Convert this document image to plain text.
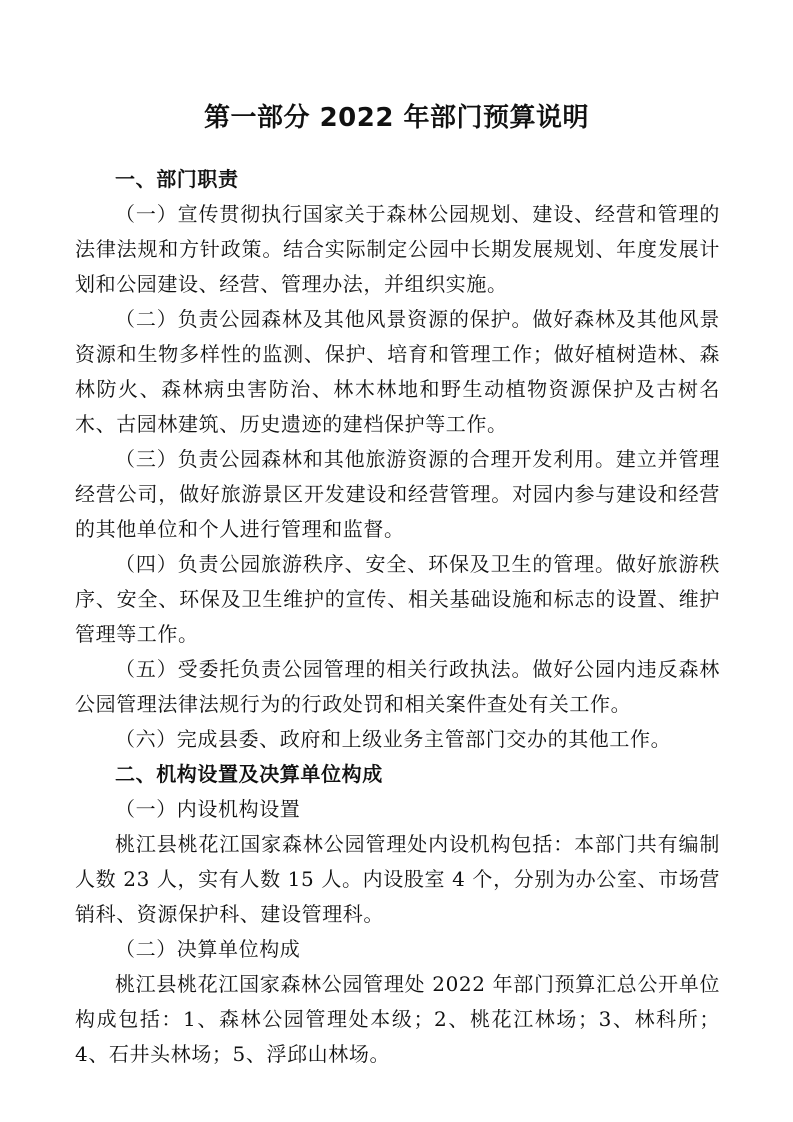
第一部分 2022 年部门预算说明

一、部门职责

（一）宣传贯彻执行国家关于森林公园规划、建设、经营和管理的法律法规和方针政策。结合实际制定公园中长期发展规划、年度发展计划和公园建设、经营、管理办法，并组织实施。

（二）负责公园森林及其他风景资源的保护。做好森林及其他风景资源和生物多样性的监测、保护、培育和管理工作；做好植树造林、森林防火、森林病虫害防治、林木林地和野生动植物资源保护及古树名木、古园林建筑、历史遗迹的建档保护等工作。

（三）负责公园森林和其他旅游资源的合理开发利用。建立并管理经营公司，做好旅游景区开发建设和经营管理。对园内参与建设和经营的其他单位和个人进行管理和监督。

（四）负责公园旅游秩序、安全、环保及卫生的管理。做好旅游秩序、安全、环保及卫生维护的宣传、相关基础设施和标志的设置、维护管理等工作。

（五）受委托负责公园管理的相关行政执法。做好公园内违反森林公园管理法律法规行为的行政处罚和相关案件查处有关工作。

（六）完成县委、政府和上级业务主管部门交办的其他工作。

二、机构设置及决算单位构成

（一）内设机构设置

桃江县桃花江国家森林公园管理处内设机构包括：本部门共有编制人数 23 人，实有人数 15 人。内设股室 4 个，分别为办公室、市场营销科、资源保护科、建设管理科。

（二）决算单位构成

桃江县桃花江国家森林公园管理处 2022 年部门预算汇总公开单位构成包括：1、森林公园管理处本级；2、桃花江林场；3、林科所；4、石井头林场；5、浮邱山林场。
